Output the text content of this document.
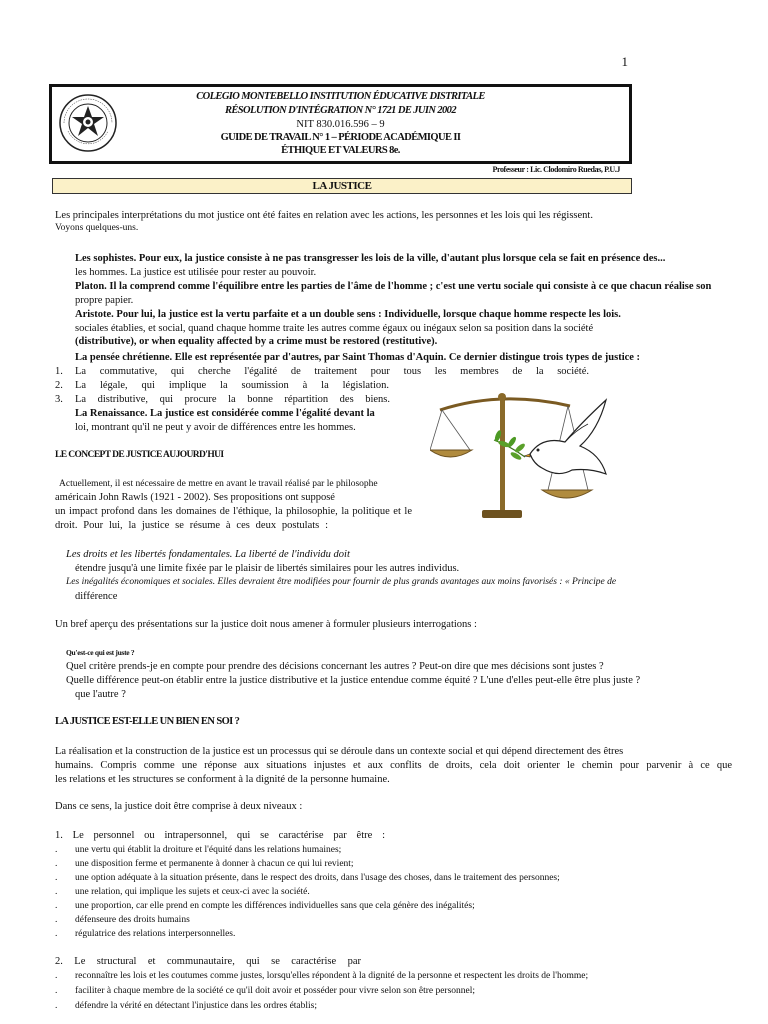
1
COLEGIO MONTEBELLO INSTITUTION ÉDUCATIVE DISTRITALE
RÉSOLUTION D'INTÉGRATION N° 1721 DE JUIN 2002
NIT 830.016.596 – 9
GUIDE DE TRAVAIL N° 1 – PÉRIODE ACADÉMIQUE II
ÉTHIQUE ET VALEURS 8e.
Professeur : Lic. Clodomiro Ruedas, P.U.J
LA JUSTICE
Les principales interprétations du mot justice ont été faites en relation avec les actions, les personnes et les lois qui les régissent.
Voyons quelques-uns.
Les sophistes. Pour eux, la justice consiste à ne pas transgresser les lois de la ville, d'autant plus lorsque cela se fait en présence des...
les hommes. La justice est utilisée pour rester au pouvoir.
Platon. Il la comprend comme l'équilibre entre les parties de l'âme de l'homme ; c'est une vertu sociale qui consiste à ce que chacun réalise son
propre papier.
Aristote. Pour lui, la justice est la vertu parfaite et a un double sens : Individuelle, lorsque chaque homme respecte les lois.
sociales établies, et social, quand chaque homme traite les autres comme égaux ou inégaux selon sa position dans la société
(distributive), or when equality affected by a crime must be restored (restitutive).
La pensée chrétienne. Elle est représentée par d'autres, par Saint Thomas d'Aquin. Ce dernier distingue trois types de justice :
1. La commutative, qui cherche l'égalité de traitement pour tous les membres de la société.
2. La légale, qui implique la soumission à la législation.
3. La distributive, qui procure la bonne répartition des biens.
La Renaissance. La justice est considérée comme l'égalité devant la
loi, montrant qu'il ne peut y avoir de différences entre les hommes.
LE CONCEPT DE JUSTICE AUJOURD'HUI
Actuellement, il est nécessaire de mettre en avant le travail réalisé par le philosophe
américain John Rawls (1921 - 2002). Ses propositions ont supposé
un impact profond dans les domaines de l'éthique, la philosophie, la politique et le
droit. Pour lui, la justice se résume à ces deux postulats :
Les droits et les libertés fondamentales. La liberté de l'individu doit
étendre jusqu'à une limite fixée par le plaisir de libertés similaires pour les autres individus.
Les inégalités économiques et sociales. Elles devraient être modifiées pour fournir de plus grands avantages aux moins favorisés : « Principe de
différence
Un bref aperçu des présentations sur la justice doit nous amener à formuler plusieurs interrogations :
Qu'est-ce qui est juste ?
Quel critère prends-je en compte pour prendre des décisions concernant les autres ? Peut-on dire que mes décisions sont justes ?
Quelle différence peut-on établir entre la justice distributive et la justice entendue comme équité ? L'une d'elles peut-elle être plus juste ?
que l'autre ?
LA JUSTICE EST-ELLE UN BIEN EN SOI ?
La réalisation et la construction de la justice est un processus qui se déroule dans un contexte social et qui dépend directement des êtres
humains. Compris comme une réponse aux situations injustes et aux conflits de droits, cela doit orienter le chemin pour parvenir à ce que
les relations et les structures se conforment à la dignité de la personne humaine.
Dans ce sens, la justice doit être comprise à deux niveaux :
1. Le personnel ou intrapersonnel, qui se caractérise par être :
. une vertu qui établit la droiture et l'équité dans les relations humaines;
. une disposition ferme et permanente à donner à chacun ce qui lui revient;
. une option adéquate à la situation présente, dans le respect des droits, dans l'usage des choses, dans le traitement des personnes;
. une relation, qui implique les sujets et ceux-ci avec la société.
. une proportion, car elle prend en compte les différences individuelles sans que cela génère des inégalités;
. défenseure des droits humains
. régulatrice des relations interpersonnelles.
2. Le structural et communautaire, qui se caractérise par
. reconnaître les lois et les coutumes comme justes, lorsqu'elles répondent à la dignité de la personne et respectent les droits de l'homme;
. faciliter à chaque membre de la société ce qu'il doit avoir et posséder pour vivre selon son être personnel;
. défendre la vérité en détectant l'injustice dans les ordres établis;
